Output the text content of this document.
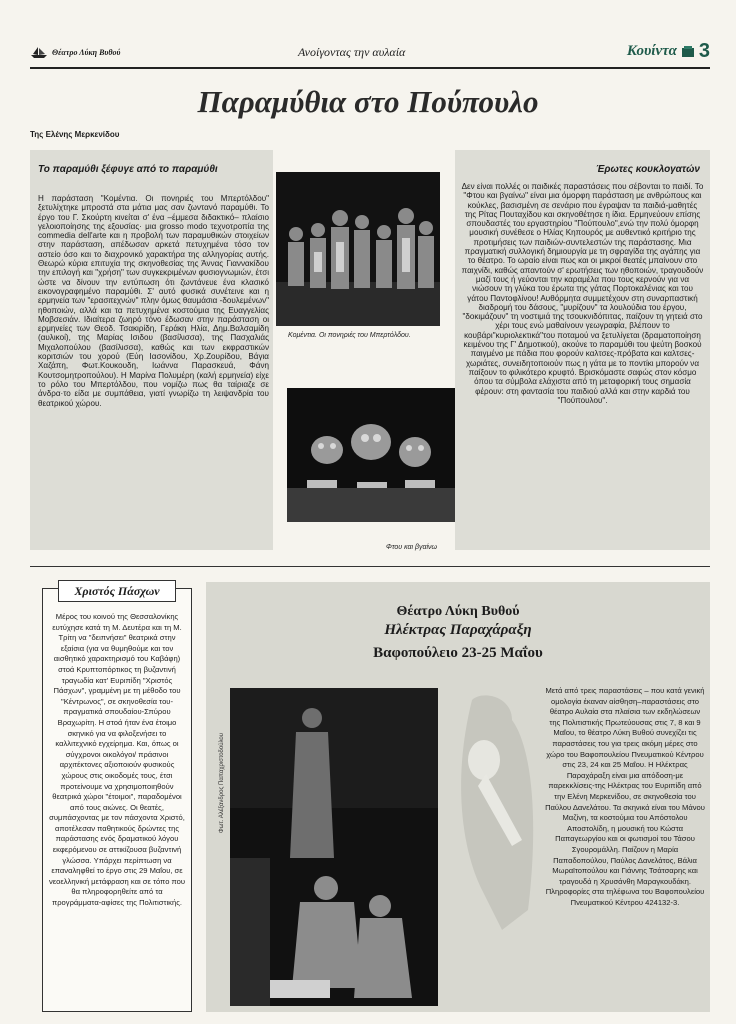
Θέατρο Λύκη Βυθού	Ανοίγοντας την αυλαία	Κουίντα 3
Παραμύθια στο Πούπουλο
Της Ελένης Μερκενίδου
Το παραμύθι ξέφυγε από το παραμύθι
Η παράσταση "Κομέντια. Οι πονηριές του Μπερτόλδου" ξετυλίχτηκε μπροστά στα μάτια μας σαν ζωντανό παραμύθι. Το έργο του Γ. Σκούρτη κινείται σ' ένα –έμμεσα διδακτικό– πλαίσιο γελοιοποίησης της εξουσίας· μια grosso modo τεχνοτροπία της commedia dell'arte και η προβολή των παραμυθικών στοιχείων στην παράσταση, απέδωσαν αρκετά πετυχημένα τόσο τον αστείο όσο και το διαχρονικό χαρακτήρα της αλληγορίας αυτής. Θεωρώ κύρια επιτυχία της σκηνοθεσίας της Άννας Γιαννακίδου την επιλογή και "χρήση" των συγκεκριμένων φυσιογνωμιών, έτσι ώστε να δίνουν την εντύπωση ότι ζωντάνευε ένα κλασικό εικονογραφημένο παραμύθι. Σ' αυτό φυσικά συνέτεινε και η ερμηνεία των "ερασιτεχνών" πλην όμως θαυμάσια -δουλεμένων" ηθοποιών, αλλά και τα πετυχημένα κοστούμια της Ευαγγελίας Μοβσεσιάν. Ιδιαίτερα ζωηρό τόνο έδωσαν στην παράσταση οι ερμηνείες των Θεοδ. Τσακιρίδη, Γεράκη Ηλία, Δημ.Βαλσαμίδη (αυλικοί), της Μαρίας Ισιδου (βασίλισσα), της Πασχαλιάς Μιχαλοπούλου (βασίλισσα), καθώς και των εκφραστικών κοριτσιών του χορού (Εύη Ιασονίδου, Χρ.Ζουρίδου, Βάγια Χαζάπη, Φωτ.Κουκουδη, Ιωάννα Παρασκευά, Φάνη Κουτσομητροπούλου). Η Μαρίνα Πολυμέρη (καλή ερμηνεία) είχε το ρόλο του Μπερτόλδου, που νομίζω πως θα ταίριαζε σε άνδρα·το είδα με συμπάθεια, γιατί γνωρίζω τη λειψανδρία του θεατρικού χώρου.
Έρωτες κουκλογατών
Δεν είναι πολλές οι παιδικές παραστάσεις που σέβονται το παιδί. Το "Φτου και βγαίνω" είναι μια όμορφη παράσταση με ανθρώπους και κούκλες, βασισμένη σε σενάριο που έγραψαν τα παιδιά-μαθητές της Ρίτας Πουταχίδου και σκηνοθέτησε η ίδια. Ερμηνεύουν επίσης σπουδαστές του εργαστηρίου "Πούπουλο",ενώ την πολύ όμορφη μουσική συνέθεσε ο Ηλίας Κηπουρός με αυθεντικό κριτήριο της προτιμήσεις των παιδιών-συντελεστών της παράστασης. Μια πραγματική συλλογική δημιουργία με τη σφραγίδα της αγάπης για το θέατρο. Το ωραίο είναι πως και οι μικροί θεατές μπαίνουν στο παιχνίδι, καθώς απαντούν σ' ερωτήσεις των ηθοποιών, τραγουδούν μαζί τους ή γεύονται την καραμέλα που τους κερνούν για να νιώσουν τη γλύκα του έρωτα της γάτας Πορτοκαλένιας και του γάτου Παντοφλίνου! Αυθόρμητα συμμετέχουν στη συναρπαστική διαδρομή του δάσους, "μυρίζουν" τα λουλούδια του έργου, "δοκιμάζουν" τη νοστιμιά της τσουκνιδόπιτας, παίζουν τη γητειά στο χέρι τους ενώ μαθαίνουν γεωγραφία, βλέπουν το κουβάρι"κυριολεκτικά"του ποταμού να ξετυλίγεται (δραματοποίηση κειμένου της Γ' Δημοτικού), ακούνε το παραμύθι του ψεύτη βοσκού παιγμένο με πάδια που φορούν καλτσες-πρόβατα και καλτσες-χωριάτες, συνειδητοποιούν πως η γάτα με το ποντίκι μπορούν να παίξουν το φιλικότερο κρυφτό. Βρισκόμαστε σαφώς στον κόσμο όπου τα σύμβολα ελάχιστα από τη μεταφορική τους σημασία φέρουν: στη φαντασία του παιδιού αλλά και στην καρδιά του "Πούπουλου".
Κομέντια. Οι πονηριές του Μπερτόλδου.
Φτου και βγαίνω
Χριστός Πάσχων
Μέρος του κοινού της Θεσσαλονίκης ευτύχησε κατά τη Μ. Δευτέρα και τη Μ. Τρίτη να "δειπνήσει" θεατρικά στην εξαίσια (για να θυμηθούμε και τον αισθητικό χαρακτηρισμό του Καβάφη) στοά Κρυπτοπόρτικος τη βυζαντινή τραγωδία κατ' Ευριπίδη "Χριστός Πάσχων", γραμμένη με τη μέθοδο του "Κέντρωνος", σε σκηνοθεσία του-πραγματικά σπουδαίου-Σπύρου Βραχωρίτη. Η στοά ήταν ένα έτοιμο σκηνικό για να φιλοξενήσει το καλλιτεχνικό εγχείρημα. Και, όπως οι σύγχρονοι οικολόγοι/ πράσινοι αρχιτέκτονες αξιοποιούν φυσικούς χώρους στις οικοδομές τους, έτσι προτείνουμε να χρησιμοποιηθούν θεατρικά χώροι "έτοιμοι", παραδομένοι από τους αιώνες. Οι θεατές, συμπάσχοντας με τον πάσχοντα Χριστό, αποτέλεσαν παθητικούς δρώντες της παράστασης ενός δραματικού λόγου εκφερόμενου σε αττικίζουσα βυζαντινή γλώσσα. Υπάρχει περίπτωση να επαναληφθεί το έργο στις 29 Μαΐου, σε νεοελληνική μετάφραση και σε τόπο που θα πληροφορηθείτε από τα προγράμματα-αφίσες της Πολιτιστικής.
Θέατρο Λύκη Βυθού
Ηλέκτρας Παραχάραξη
Βαφοπούλειο 23-25 Μαΐου
Φωτ. Αλέξανδρος Παπαχριστοδούλου
Μετά από τρεις παραστάσεις – που κατά γενική ομολογία έκαναν αίσθηση–παραστάσεις στο θέατρο Αυλαία στα πλαίσια των εκδηλώσεων της Πολιτιστικής Πρωτεύουσας στις 7, 8 και 9 Μαΐου, το θέατρο Λύκη Βυθού συνεχίζει τις παραστάσεις του για τρεις ακόμη μέρες στο χώρο του Βαφοπουλείου Πνευματικού Κέντρου στις 23, 24 και 25 Μαΐου. Η Ηλέκτρας Παραχάραξη είναι μια απόδοση-με παρεκκλίσεις-της Ηλέκτρας του Ευριπίδη από την Ελένη Μερκενίδου, σε σκηνοθεσία του Παύλου Δανελάτου. Τα σκηνικά είναι του Μάνου Μαζίνη, τα κοστούμια του Απόστολου Αποστολίδη, η μουσική του Κώστα Παπαγεωργίου και οι φωτισμοί του Τάσου Σγουρομάλλη. Παίζουν η Μαρία Παπαδοπούλου, Παύλος Δανελάτος, Βάλια Μωραϊτοπούλου και Γιάννης Τσάτσαρης και τραγουδά η Χρυσάνθη Μαραγκουδάκη. Πληροφορίες στα τηλέφωνα του Βαφοπουλείου Πνευματικού Κέντρου 424132-3.
